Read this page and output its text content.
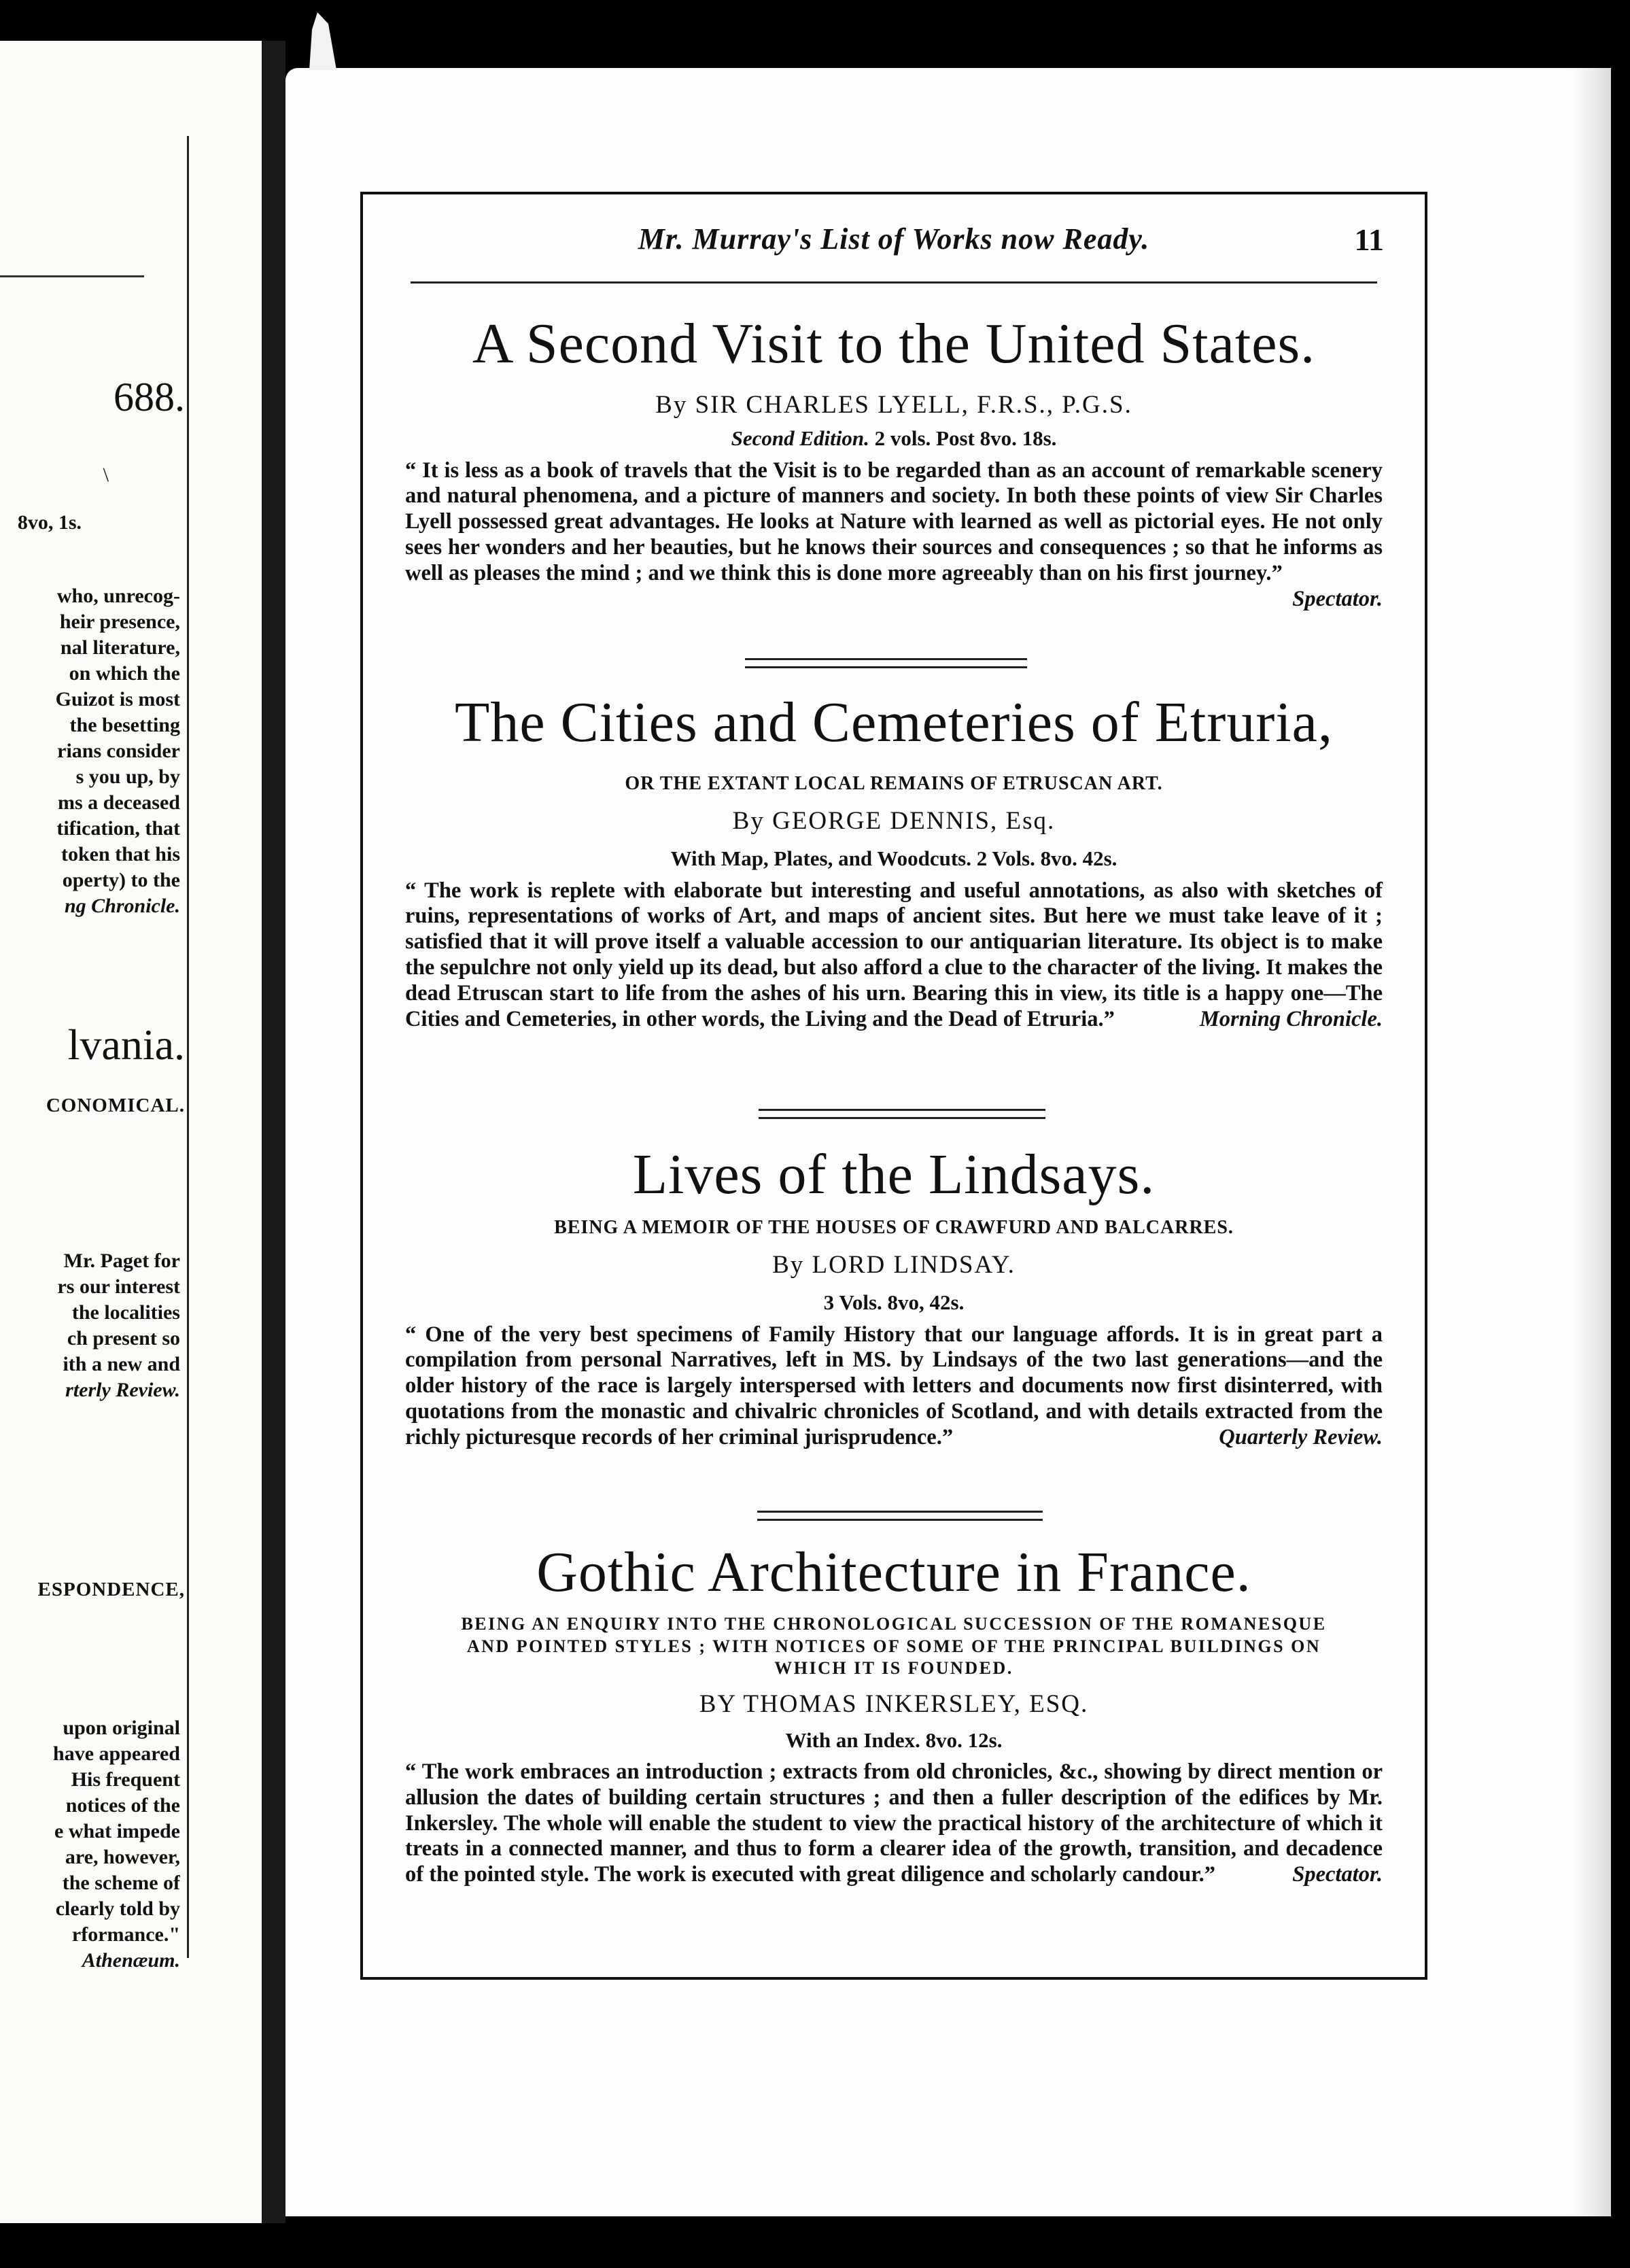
688.
\
8vo, 1s.
who, unrecog-
heir presence,
nal literature,
on which the
Guizot is most
the besetting
rians consider
s you up, by
ms a deceased
tification, that
token that his
operty) to the
ng Chronicle.
lvania.
CONOMICAL.
Mr. Paget for
rs our interest
the localities
ch present so
ith a new and
rterly Review.
ESPONDENCE,
upon original
have appeared
His frequent
notices of the
e what impede
are, however,
the scheme of
clearly told by
rformance."
Athenæum.
Mr. Murray's List of Works now Ready.	11
A Second Visit to the United States.
By SIR CHARLES LYELL, F.R.S., P.G.S.
Second Edition. 2 vols. Post 8vo. 18s.
“ It is less as a book of travels that the Visit is to be regarded than as an account of remarkable scenery and natural phenomena, and a picture of manners and society. In both these points of view Sir Charles Lyell possessed great advantages. He looks at Nature with learned as well as pictorial eyes. He not only sees her wonders and her beauties, but he knows their sources and consequences ; so that he informs as well as pleases the mind ; and we think this is done more agreeably than on his first journey.”
Spectator.
The Cities and Cemeteries of Etruria,
OR THE EXTANT LOCAL REMAINS OF ETRUSCAN ART.
By GEORGE DENNIS, Esq.
With Map, Plates, and Woodcuts. 2 Vols. 8vo. 42s.
“ The work is replete with elaborate but interesting and useful annotations, as also with sketches of ruins, representations of works of Art, and maps of ancient sites. But here we must take leave of it ; satisfied that it will prove itself a valuable accession to our antiquarian literature. Its object is to make the sepulchre not only yield up its dead, but also afford a clue to the character of the living. It makes the dead Etruscan start to life from the ashes of his urn. Bearing this in view, its title is a happy one—The Cities and Cemeteries, in other words, the Living and the Dead of Etruria.”	Morning Chronicle.
Lives of the Lindsays.
BEING A MEMOIR OF THE HOUSES OF CRAWFURD AND BALCARRES.
By LORD LINDSAY.
3 Vols. 8vo, 42s.
“ One of the very best specimens of Family History that our language affords. It is in great part a compilation from personal Narratives, left in MS. by Lindsays of the two last generations—and the older history of the race is largely interspersed with letters and documents now first disinterred, with quotations from the monastic and chivalric chronicles of Scotland, and with details extracted from the richly picturesque records of her criminal jurisprudence.”	Quarterly Review.
Gothic Architecture in France.
BEING AN ENQUIRY INTO THE CHRONOLOGICAL SUCCESSION OF THE ROMANESQUE AND POINTED STYLES ; WITH NOTICES OF SOME OF THE PRINCIPAL BUILDINGS ON WHICH IT IS FOUNDED.
BY THOMAS INKERSLEY, ESQ.
With an Index. 8vo. 12s.
“ The work embraces an introduction ; extracts from old chronicles, &c., showing by direct mention or allusion the dates of building certain structures ; and then a fuller description of the edifices by Mr. Inkersley. The whole will enable the student to view the practical history of the architecture of which it treats in a connected manner, and thus to form a clearer idea of the growth, transition, and decadence of the pointed style. The work is executed with great diligence and scholarly candour.”	Spectator.
